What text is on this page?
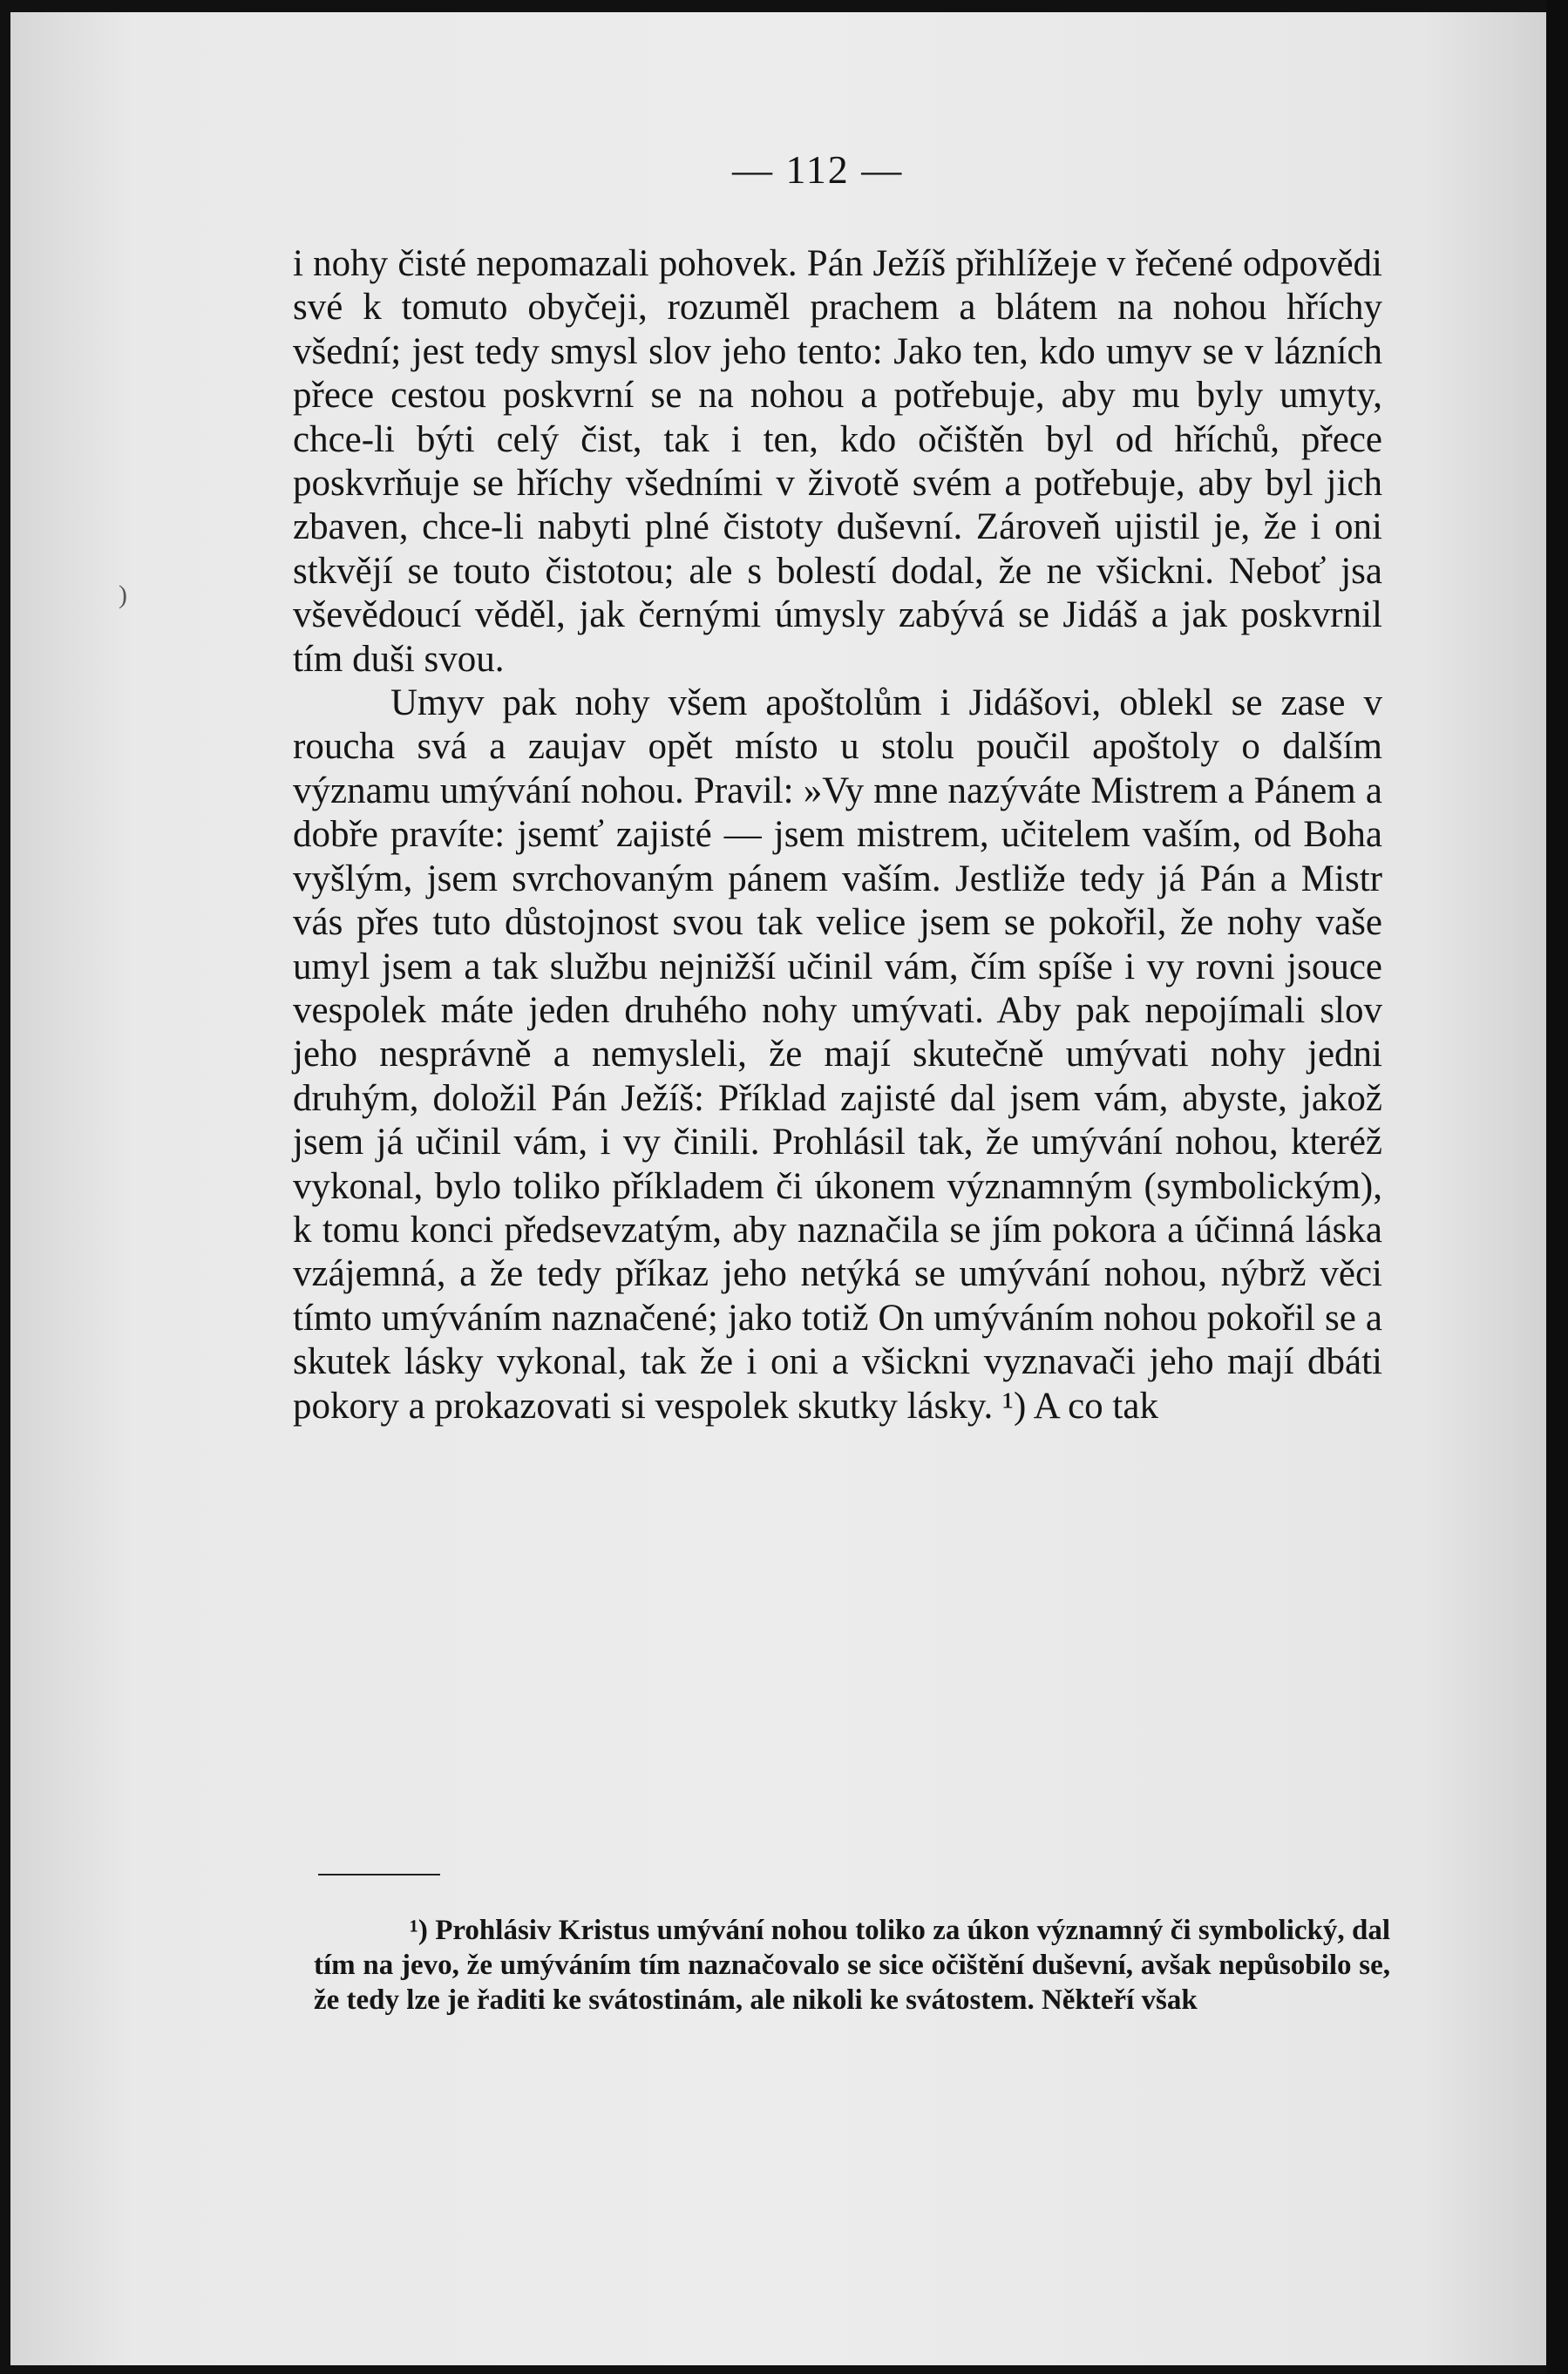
)
— 112 —

i nohy čisté nepomazali pohovek. Pán Ježíš přihlížeje v řečené odpovědi své k tomuto obyčeji, rozuměl prachem a blátem na nohou hříchy všední; jest tedy smysl slov jeho tento: Jako ten, kdo umyv se v lázních přece cestou poskvrní se na nohou a potřebuje, aby mu byly umyty, chce-li býti celý čist, tak i ten, kdo očištěn byl od hříchů, přece poskvrňuje se hříchy všedními v životě svém a potřebuje, aby byl jich zbaven, chce-li nabyti plné čistoty duševní. Zároveň ujistil je, že i oni stkvějí se touto čistotou; ale s bolestí dodal, že ne všickni. Neboť jsa vševědoucí věděl, jak černými úmysly zabývá se Jidáš a jak poskvrnil tím duši svou.

Umyv pak nohy všem apoštolům i Jidášovi, oblekl se zase v roucha svá a zaujav opět místo u stolu poučil apoštoly o dalším významu umývání nohou. Pravil: »Vy mne nazýváte Mistrem a Pánem a dobře pravíte: jsemť zajisté — jsem mistrem, učitelem vaším, od Boha vyšlým, jsem svrchovaným pánem vaším. Jestliže tedy já Pán a Mistr vás přes tuto důstojnost svou tak velice jsem se pokořil, že nohy vaše umyl jsem a tak službu nejnižší učinil vám, čím spíše i vy rovni jsouce vespolek máte jeden druhého nohy umývati. Aby pak nepojímali slov jeho nesprávně a nemysleli, že mají skutečně umývati nohy jedni druhým, doložil Pán Ježíš: Příklad zajisté dal jsem vám, abyste, jakož jsem já učinil vám, i vy činili. Prohlásil tak, že umývání nohou, kteréž vykonal, bylo toliko příkladem či úkonem významným (symbolickým), k tomu konci předsevzatým, aby naznačila se jím pokora a účinná láska vzájemná, a že tedy příkaz jeho netýká se umývání nohou, nýbrž věci tímto umýváním naznačené; jako totiž On umýváním nohou pokořil se a skutek lásky vykonal, tak že i oni a všickni vyznavači jeho mají dbáti pokory a prokazovati si vespolek skutky lásky. ¹) A co tak

¹) Prohlásiv Kristus umývání nohou toliko za úkon významný či symbolický, dal tím na jevo, že umýváním tím naznačovalo se sice očištění duševní, avšak nepůsobilo se, že tedy lze je řaditi ke svátostinám, ale nikoli ke svátostem. Někteří však
